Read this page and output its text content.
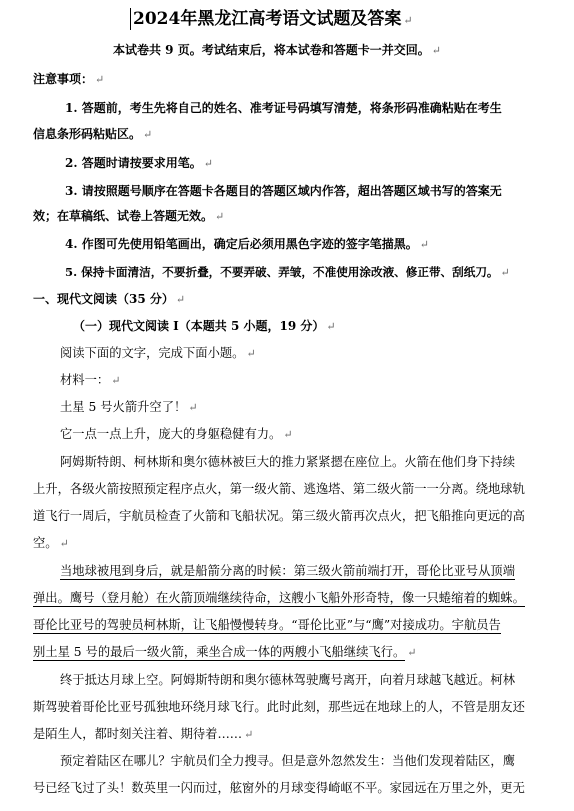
2024年黑龙江高考语文试题及答案 ↵
本试卷共 9 页。考试结束后，将本试卷和答题卡一并交回。 ↵
注意事项： ↵
1. 答题前，考生先将自己的姓名、准考证号码填写清楚，将条形码准确粘贴在考生
信息条形码粘贴区。 ↵
2. 答题时请按要求用笔。 ↵
3. 请按照题号顺序在答题卡各题目的答题区域内作答，超出答题区域书写的答案无
效；在草稿纸、试卷上答题无效。 ↵
4. 作图可先使用铅笔画出，确定后必须用黑色字迹的签字笔描黑。 ↵
5. 保持卡面清洁，不要折叠，不要弄破、弄皱，不准使用涂改液、修正带、刮纸刀。 ↵
一、现代文阅读（35 分） ↵
（一）现代文阅读 I（本题共 5 小题，19 分） ↵
阅读下面的文字，完成下面小题。 ↵
材料一： ↵
土星 5 号火箭升空了！ ↵
它一点一点上升，庞大的身躯稳健有力。 ↵
阿姆斯特朗、柯林斯和奥尔德林被巨大的推力紧紧摁在座位上。火箭在他们身下持续
上升，各级火箭按照预定程序点火，第一级火箭、逃逸塔、第二级火箭一一分离。绕地球轨
道飞行一周后，宇航员检查了火箭和飞船状况。第三级火箭再次点火，把飞船推向更远的高
空。 ↵
当地球被甩到身后，就是船箭分离的时候：第三级火箭前端打开，哥伦比亚号从顶端
弹出。鹰号（登月舱）在火箭顶端继续待命，这艘小飞船外形奇特，像一只蜷缩着的蜘蛛。
哥伦比亚号的驾驶员柯林斯，让飞船慢慢转身。“哥伦比亚”与“鹰”对接成功。宇航员告
别土星 5 号的最后一级火箭，乘坐合成一体的两艘小飞船继续飞行。 ↵
终于抵达月球上空。阿姆斯特朗和奥尔德林驾驶鹰号离开，向着月球越飞越近。柯林
斯驾驶着哥伦比亚号孤独地环绕月球飞行。此时此刻，那些远在地球上的人，不管是朋友还
是陌生人，都时刻关注着、期待着…… ↵
预定着陆区在哪儿？宇航员们全力搜寻。但是意外忽然发生：当他们发现着陆区，鹰
号已经飞过了头！数英里一闪而过，舷窗外的月球变得崎岖不平。家园远在万里之外，更无
